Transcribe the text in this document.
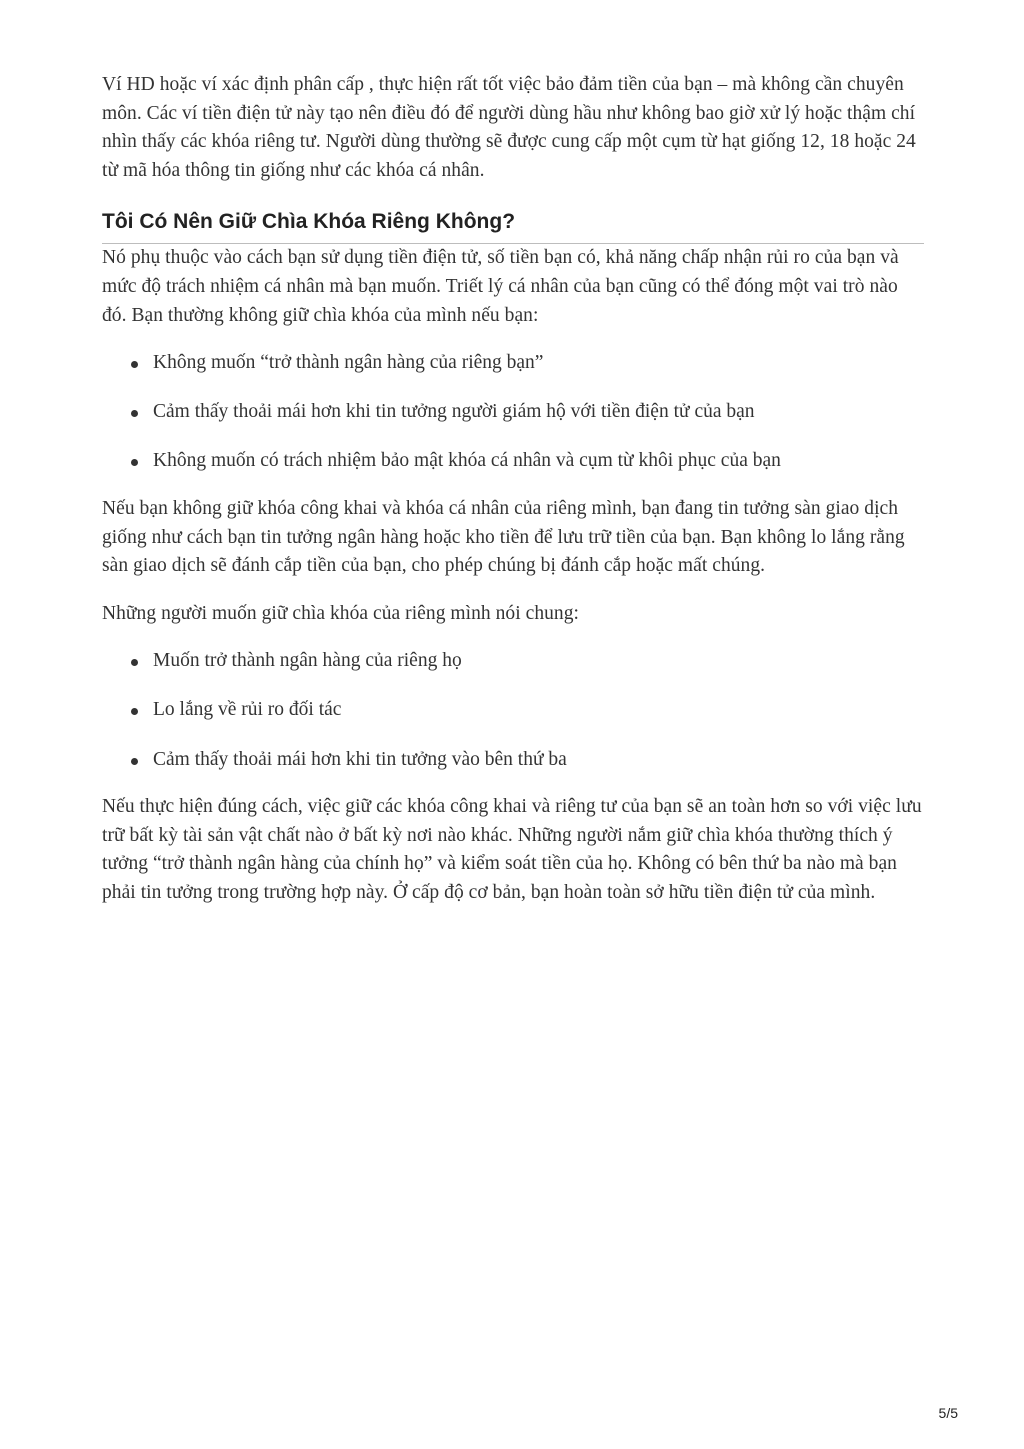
Ví HD hoặc ví xác định phân cấp , thực hiện rất tốt việc bảo đảm tiền của bạn – mà không cần chuyên môn. Các ví tiền điện tử này tạo nên điều đó để người dùng hầu như không bao giờ xử lý hoặc thậm chí nhìn thấy các khóa riêng tư. Người dùng thường sẽ được cung cấp một cụm từ hạt giống 12, 18 hoặc 24 từ mã hóa thông tin giống như các khóa cá nhân.

Tôi Có Nên Giữ Chìa Khóa Riêng Không?

Nó phụ thuộc vào cách bạn sử dụng tiền điện tử, số tiền bạn có, khả năng chấp nhận rủi ro của bạn và mức độ trách nhiệm cá nhân mà bạn muốn. Triết lý cá nhân của bạn cũng có thể đóng một vai trò nào đó. Bạn thường không giữ chìa khóa của mình nếu bạn:

Không muốn “trở thành ngân hàng của riêng bạn”
Cảm thấy thoải mái hơn khi tin tưởng người giám hộ với tiền điện tử của bạn
Không muốn có trách nhiệm bảo mật khóa cá nhân và cụm từ khôi phục của bạn

Nếu bạn không giữ khóa công khai và khóa cá nhân của riêng mình, bạn đang tin tưởng sàn giao dịch giống như cách bạn tin tưởng ngân hàng hoặc kho tiền để lưu trữ tiền của bạn. Bạn không lo lắng rằng sàn giao dịch sẽ đánh cắp tiền của bạn, cho phép chúng bị đánh cắp hoặc mất chúng.

Những người muốn giữ chìa khóa của riêng mình nói chung:

Muốn trở thành ngân hàng của riêng họ
Lo lắng về rủi ro đối tác
Cảm thấy thoải mái hơn khi tin tưởng vào bên thứ ba

Nếu thực hiện đúng cách, việc giữ các khóa công khai và riêng tư của bạn sẽ an toàn hơn so với việc lưu trữ bất kỳ tài sản vật chất nào ở bất kỳ nơi nào khác. Những người nắm giữ chìa khóa thường thích ý tưởng “trở thành ngân hàng của chính họ” và kiểm soát tiền của họ. Không có bên thứ ba nào mà bạn phải tin tưởng trong trường hợp này. Ở cấp độ cơ bản, bạn hoàn toàn sở hữu tiền điện tử của mình.

5/5
